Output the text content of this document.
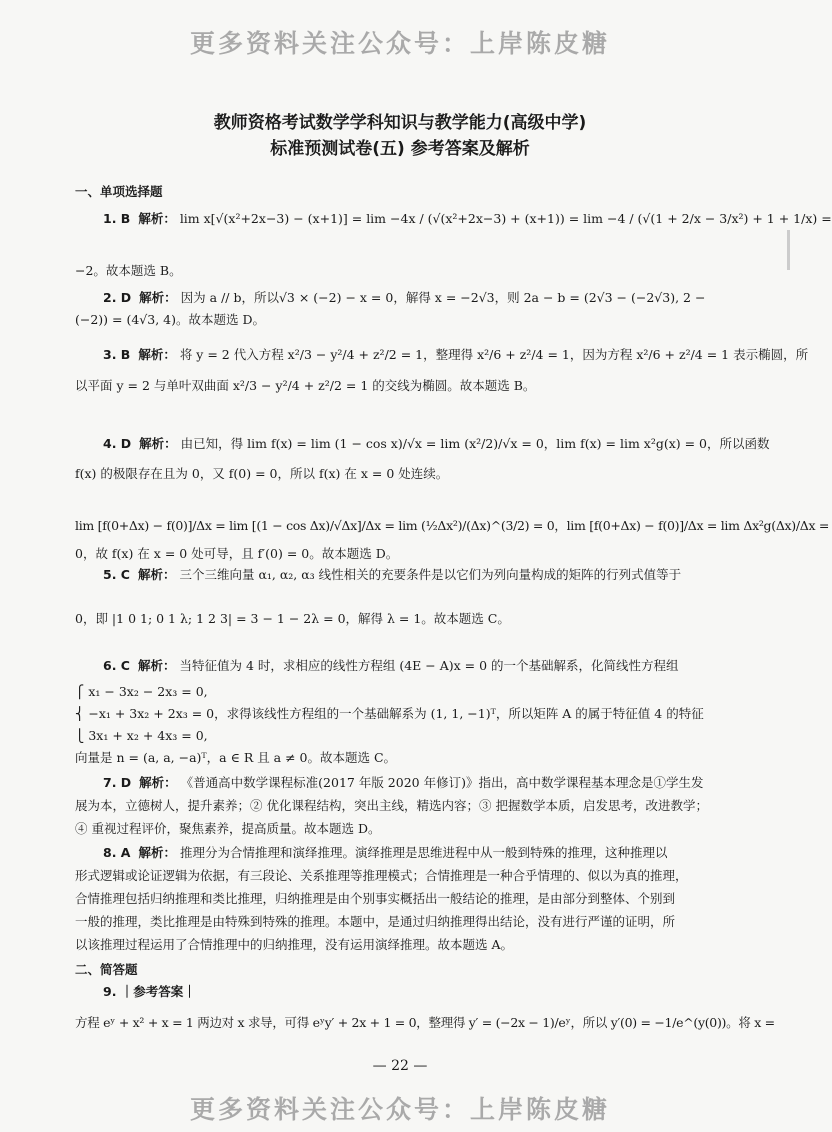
更多资料关注公众号：上岸陈皮糖
教师资格考试数学学科知识与教学能力(高级中学)
标准预测试卷(五) 参考答案及解析
一、单项选择题
1. B 解析： lim x[√(x²+2x−3) − (x+1)] = lim −4x / (√(x²+2x−3) + (x+1)) = lim −4 / (√(1 + 2/x − 3/x²) + 1 + 1/x) =
−2。故本题选 B。
2. D 解析： 因为 a // b，所以√3 × (−2) − x = 0，解得 x = −2√3，则 2a − b = (2√3 − (−2√3), 2 −
(−2)) = (4√3, 4)。故本题选 D。
3. B 解析： 将 y = 2 代入方程 x²/3 − y²/4 + z²/2 = 1，整理得 x²/6 + z²/4 = 1，因为方程 x²/6 + z²/4 = 1 表示椭圆，所
以平面 y = 2 与单叶双曲面 x²/3 − y²/4 + z²/2 = 1 的交线为椭圆。故本题选 B。
4. D 解析： 由已知，得 lim f(x) = lim (1 − cos x)/√x = lim (x²/2)/√x = 0，lim f(x) = lim x²g(x) = 0，所以函数
f(x) 的极限存在且为 0，又 f(0) = 0，所以 f(x) 在 x = 0 处连续。
lim [f(0+Δx) − f(0)]/Δx = lim [(1 − cos Δx)/√Δx]/Δx = lim (½Δx²)/(Δx)^(3/2) = 0，lim [f(0+Δx) − f(0)]/Δx = lim Δx²g(Δx)/Δx =
0，故 f(x) 在 x = 0 处可导，且 f′(0) = 0。故本题选 D。
5. C 解析： 三个三维向量 α₁, α₂, α₃ 线性相关的充要条件是以它们为列向量构成的矩阵的行列式值等于
0，即 |1 0 1; 0 1 λ; 1 2 3| = 3 − 1 − 2λ = 0，解得 λ = 1。故本题选 C。
6. C 解析： 当特征值为 4 时，求相应的线性方程组 (4E − A)x = 0 的一个基础解系，化简线性方程组
⎧ x₁ − 3x₂ − 2x₃ = 0,
⎨ −x₁ + 3x₂ + 2x₃ = 0，求得该线性方程组的一个基础解系为 (1, 1, −1)ᵀ，所以矩阵 A 的属于特征值 4 的特征
⎩ 3x₁ + x₂ + 4x₃ = 0,
向量是 n = (a, a, −a)ᵀ，a ∈ R 且 a ≠ 0。故本题选 C。
7. D 解析： 《普通高中数学课程标准(2017 年版 2020 年修订)》指出，高中数学课程基本理念是①学生发
展为本，立德树人，提升素养；② 优化课程结构，突出主线，精选内容；③ 把握数学本质，启发思考，改进教学；
④ 重视过程评价，聚焦素养，提高质量。故本题选 D。
8. A 解析： 推理分为合情推理和演绎推理。演绎推理是思维进程中从一般到特殊的推理，这种推理以
形式逻辑或论证逻辑为依据，有三段论、关系推理等推理模式；合情推理是一种合乎情理的、似以为真的推理，
合情推理包括归纳推理和类比推理，归纳推理是由个别事实概括出一般结论的推理，是由部分到整体、个别到
一般的推理，类比推理是由特殊到特殊的推理。本题中，是通过归纳推理得出结论，没有进行严谨的证明，所
以该推理过程运用了合情推理中的归纳推理，没有运用演绎推理。故本题选 A。
二、简答题
9. ｜参考答案｜
方程 eʸ + x² + x = 1 两边对 x 求导，可得 eʸy′ + 2x + 1 = 0，整理得 y′ = (−2x − 1)/eʸ，所以 y′(0) = −1/e^(y(0))。将 x =
— 22 —
更多资料关注公众号：上岸陈皮糖
